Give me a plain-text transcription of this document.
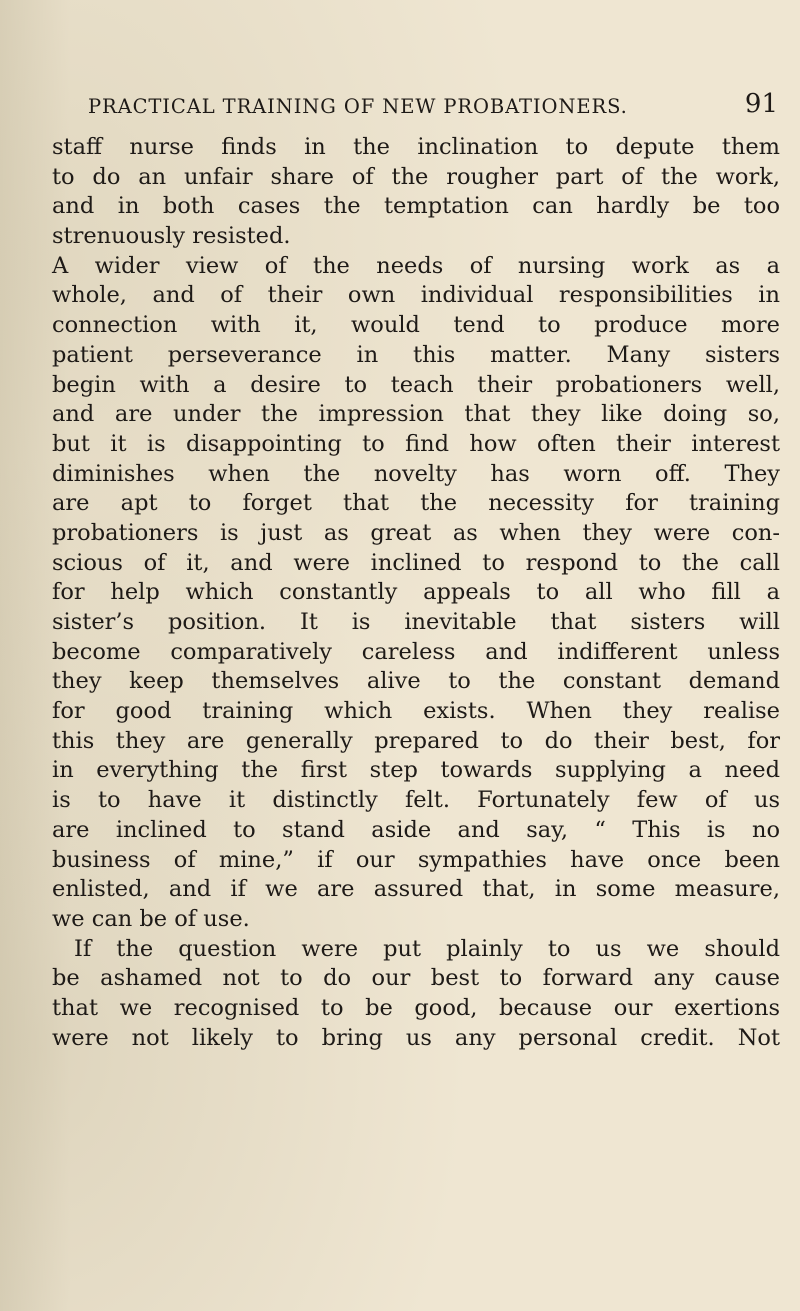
PRACTICAL TRAINING OF NEW PROBATIONERS.	91
staff nurse finds in the inclination to depute them
to do an unfair share of the rougher part of the work,
and in both cases the temptation can hardly be too
strenuously resisted.
A wider view of the needs of nursing work as a
whole, and of their own individual responsibilities in
connection with it, would tend to produce more
patient perseverance in this matter. Many sisters
begin with a desire to teach their probationers well,
and are under the impression that they like doing so,
but it is disappointing to find how often their interest
diminishes when the novelty has worn off. They
are apt to forget that the necessity for training
probationers is just as great as when they were con-
scious of it, and were inclined to respond to the call
for help which constantly appeals to all who fill a
sister’s position. It is inevitable that sisters will
become comparatively careless and indifferent unless
they keep themselves alive to the constant demand
for good training which exists. When they realise
this they are generally prepared to do their best, for
in everything the first step towards supplying a need
is to have it distinctly felt. Fortunately few of us
are inclined to stand aside and say, “ This is no
business of mine,” if our sympathies have once been
enlisted, and if we are assured that, in some measure,
we can be of use.
If the question were put plainly to us we should
be ashamed not to do our best to forward any cause
that we recognised to be good, because our exertions
were not likely to bring us any personal credit. Not
